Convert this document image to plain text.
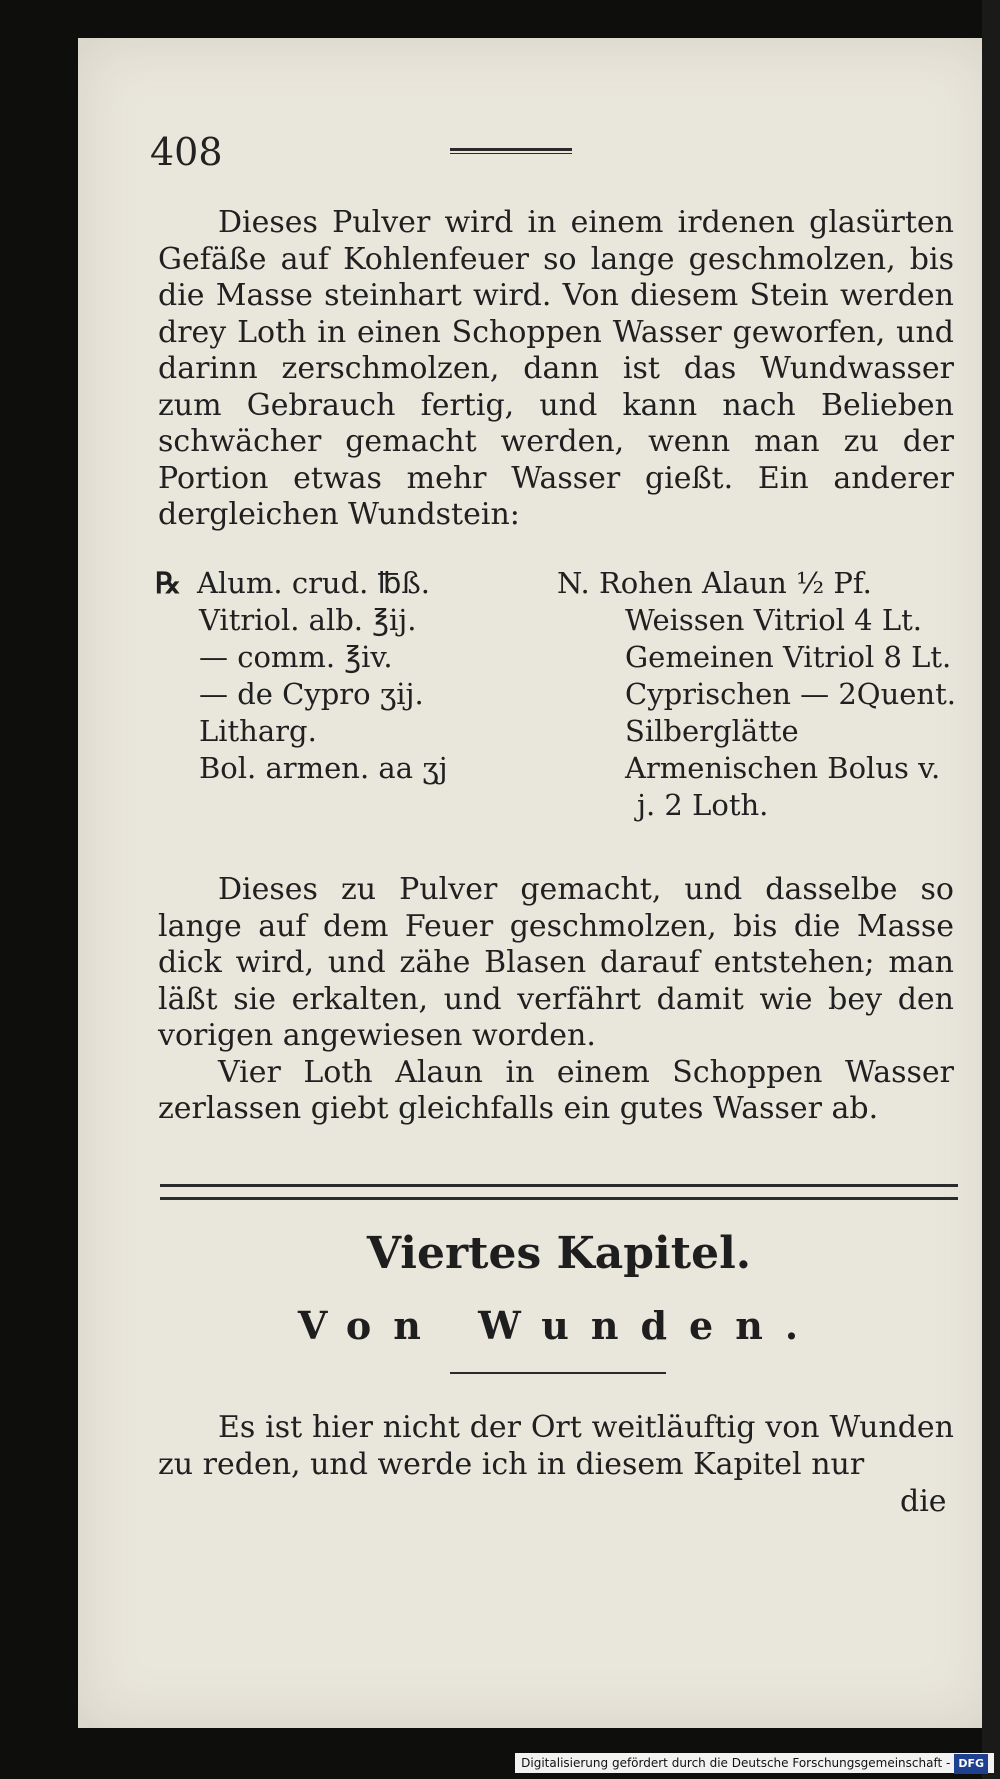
408

Dieses Pulver wird in einem irdenen glasürten Gefäße auf Kohlenfeuer so lange geschmolzen, bis die Masse steinhart wird. Von diesem Stein werden drey Loth in einen Schoppen Wasser geworfen, und darinn zerschmolzen, dann ist das Wundwasser zum Gebrauch fertig, und kann nach Belieben schwächer gemacht werden, wenn man zu der Portion etwas mehr Wasser gießt. Ein anderer dergleichen Wundstein:

℞ Alum. crud. ℔ß.	N. Rohen Alaun ½ Pf.
Vitriol. alb. ℥ij.	Weissen Vitriol 4 Lt.
— comm. ℥iv.	Gemeinen Vitriol 8 Lt.
— de Cypro ʒij.	Cyprischen — 2Quent.
Litharg.	Silberglätte
Bol. armen. aa ʒj	Armenischen Bolus v.
j. 2 Loth.

Dieses zu Pulver gemacht, und dasselbe so lange auf dem Feuer geschmolzen, bis die Masse dick wird, und zähe Blasen darauf entstehen; man läßt sie erkalten, und verfährt damit wie bey den vorigen angewiesen worden.

Vier Loth Alaun in einem Schoppen Wasser zerlassen giebt gleichfalls ein gutes Wasser ab.

Viertes Kapitel.
Von Wunden.

Es ist hier nicht der Ort weitläuftig von Wunden zu reden, und werde ich in diesem Kapitel nur

die
Digitalisierung gefördert durch die Deutsche Forschungsgemeinschaft - DFG
